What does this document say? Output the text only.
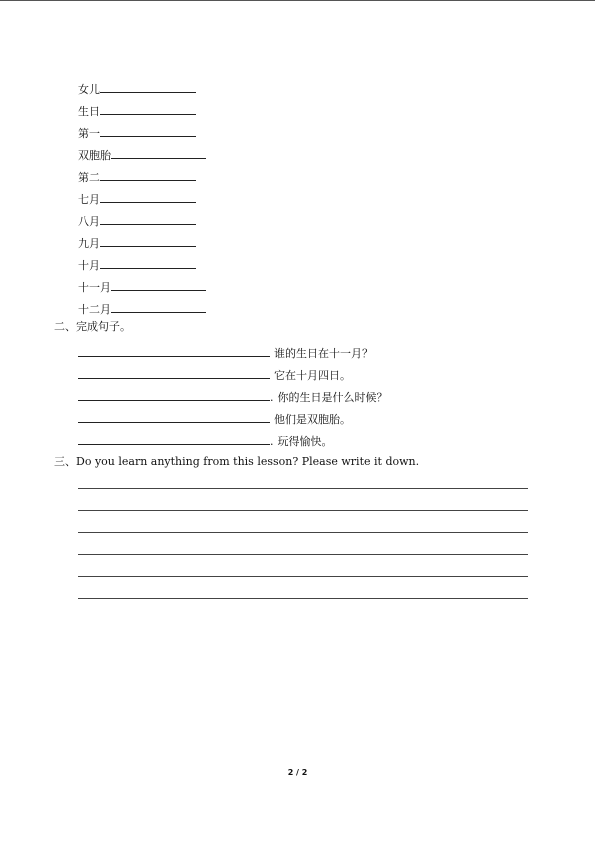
女儿
生日
第一
双胞胎
第二
七月
八月
九月
十月
十一月
十二月
二、完成句子。
谁的生日在十一月？
它在十月四日。
. 你的生日是什么时候？
他们是双胞胎。
. 玩得愉快。
三、Do you learn anything from this lesson? Please write it down.
2 / 2
